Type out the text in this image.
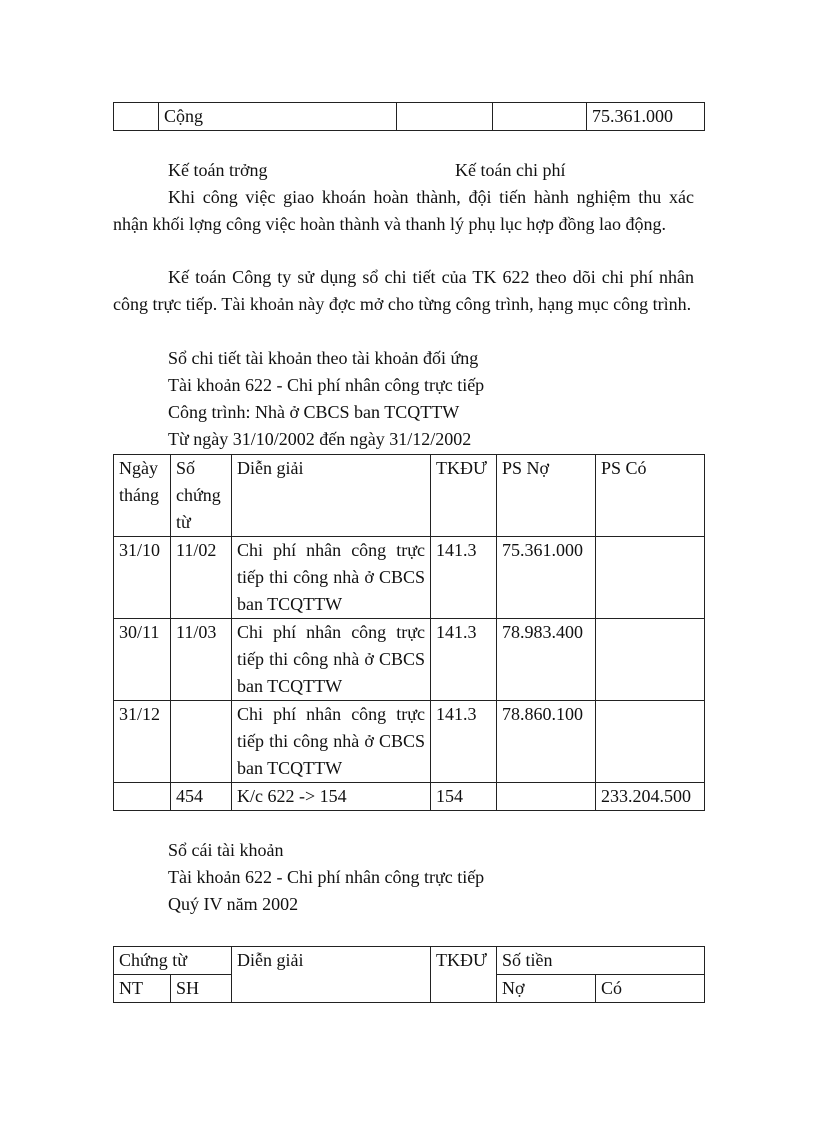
	Cộng			75.361.000
Kế toán trởng	Kế toán chi phí

Khi công việc giao khoán hoàn thành, đội tiến hành nghiệm thu xác nhận khối lợng công việc hoàn thành và thanh lý phụ lục hợp đồng lao động.

Kế toán Công ty sử dụng sổ chi tiết của TK 622 theo dõi chi phí nhân công trực tiếp. Tài khoản này đợc mở cho từng công trình, hạng mục công trình.

Sổ chi tiết tài khoản theo tài khoản đối ứng
Tài khoản 622 - Chi phí nhân công trực tiếp
Công trình: Nhà ở CBCS ban TCQTTW
Từ ngày 31/10/2002 đến ngày 31/12/2002
Ngày tháng	Số chứng từ	Diễn giải	TKĐƯ	PS Nợ	PS Có
31/10	11/02	Chi phí nhân công trực tiếp thi công nhà ở CBCS ban TCQTTW	141.3	75.361.000	
30/11	11/03	Chi phí nhân công trực tiếp thi công nhà ở CBCS ban TCQTTW	141.3	78.983.400	
31/12		Chi phí nhân công trực tiếp thi công nhà ở CBCS ban TCQTTW	141.3	78.860.100	
	454	K/c 622 -> 154	154		233.204.500
Sổ cái tài khoản
Tài khoản 622 - Chi phí nhân công trực tiếp
Quý IV năm 2002
Chứng từ		Diễn giải	TKĐƯ	Số tiền	
NT	SH			Nợ	Có
